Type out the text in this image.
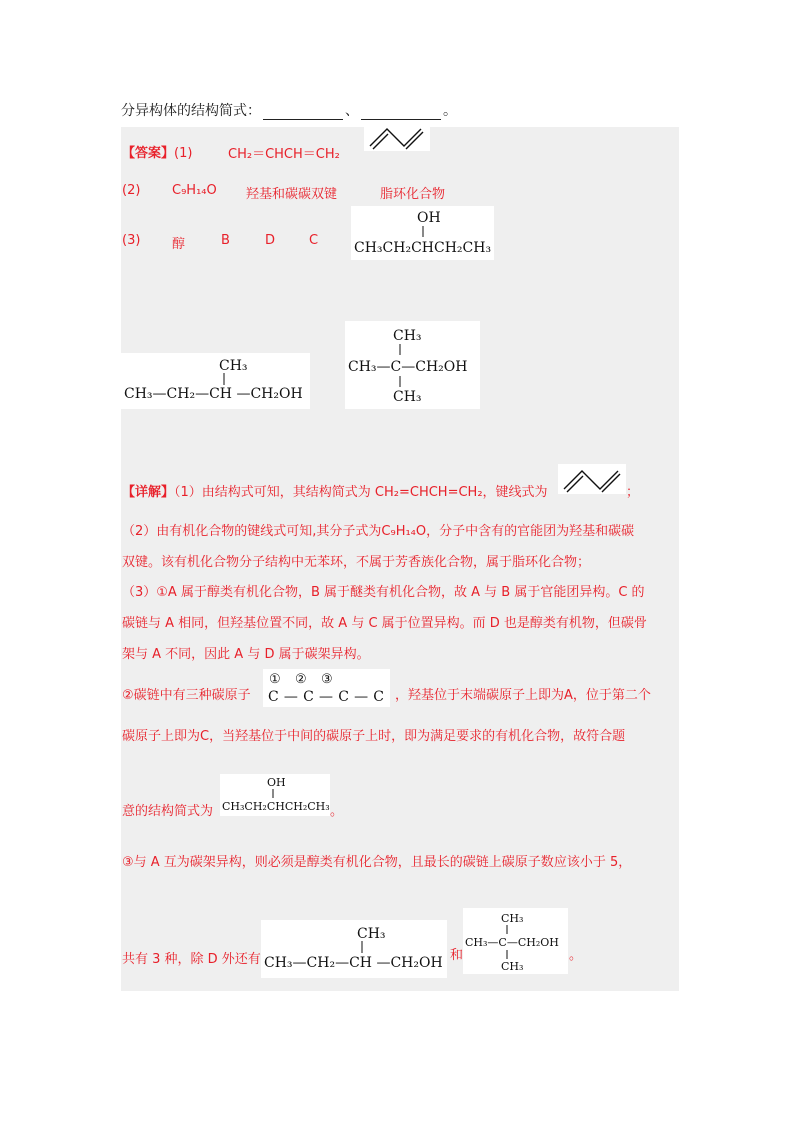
分异构体的结构简式：	、	。
【答案】(1)	CH₂＝CHCH＝CH₂
(2) C₉H₁₄O 羟基和碳碳双键	脂环化合物
(3) 醇	B	D	C
OH
CH₃CH₂CHCH₂CH₃
CH₃
CH₃—CH₂—CH —CH₂OH
CH₃
CH₃—C—CH₂OH
CH₃
【详解】（1）由结构式可知，其结构简式为 CH₂=CHCH=CH₂，键线式为	；
（2）由有机化合物的键线式可知,其分子式为C₉H₁₄O，分子中含有的官能团为羟基和碳碳
双键。该有机化合物分子结构中无苯环，不属于芳香族化合物，属于脂环化合物；
（3）①A 属于醇类有机化合物，B 属于醚类有机化合物，故 A 与 B 属于官能团异构。C 的
碳链与 A 相同，但羟基位置不同，故 A 与 C 属于位置异构。而 D 也是醇类有机物，但碳骨
架与 A 不同，因此 A 与 D 属于碳架异构。
②碳链中有三种碳原子
① ② ③
C—C—C—C ，羟基位于末端碳原子上即为A，位于第二个
碳原子上即为C，当羟基位于中间的碳原子上时，即为满足要求的有机化合物，故符合题
意的结构简式为
OH
CH₃CH₂CHCH₂CH₃ 。
③与 A 互为碳架异构，则必须是醇类有机化合物，且最长的碳链上碳原子数应该小于 5，
共有 3 种，除 D 外还有
CH₃
CH₃—CH₂—CH —CH₂OH 和
CH₃
CH₃—C—CH₂OH
CH₃
。
